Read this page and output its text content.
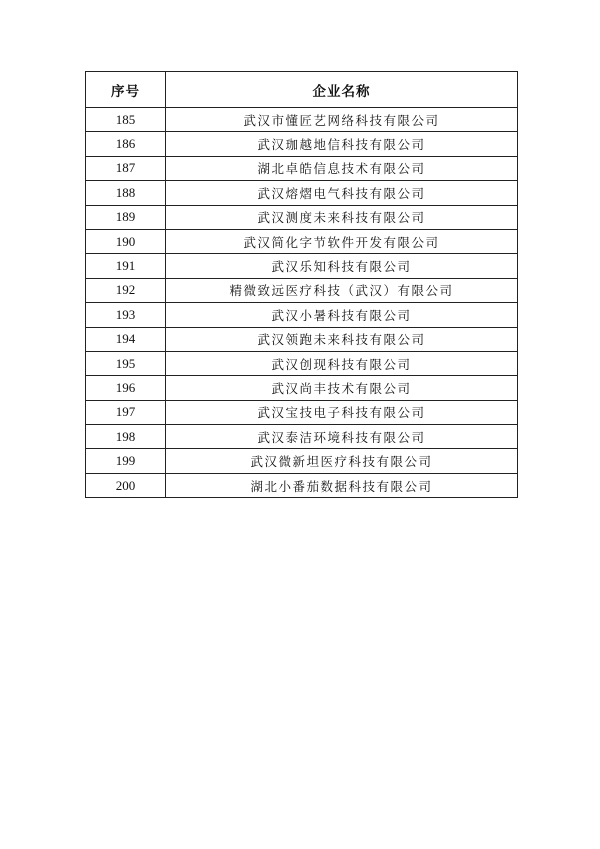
序号	企业名称
185	武汉市懂匠艺网络科技有限公司
186	武汉珈越地信科技有限公司
187	湖北卓皓信息技术有限公司
188	武汉熔熠电气科技有限公司
189	武汉测度未来科技有限公司
190	武汉简化字节软件开发有限公司
191	武汉乐知科技有限公司
192	精微致远医疗科技（武汉）有限公司
193	武汉小暑科技有限公司
194	武汉领跑未来科技有限公司
195	武汉创现科技有限公司
196	武汉尚丰技术有限公司
197	武汉宝技电子科技有限公司
198	武汉泰洁环境科技有限公司
199	武汉微新坦医疗科技有限公司
200	湖北小番茄数据科技有限公司
